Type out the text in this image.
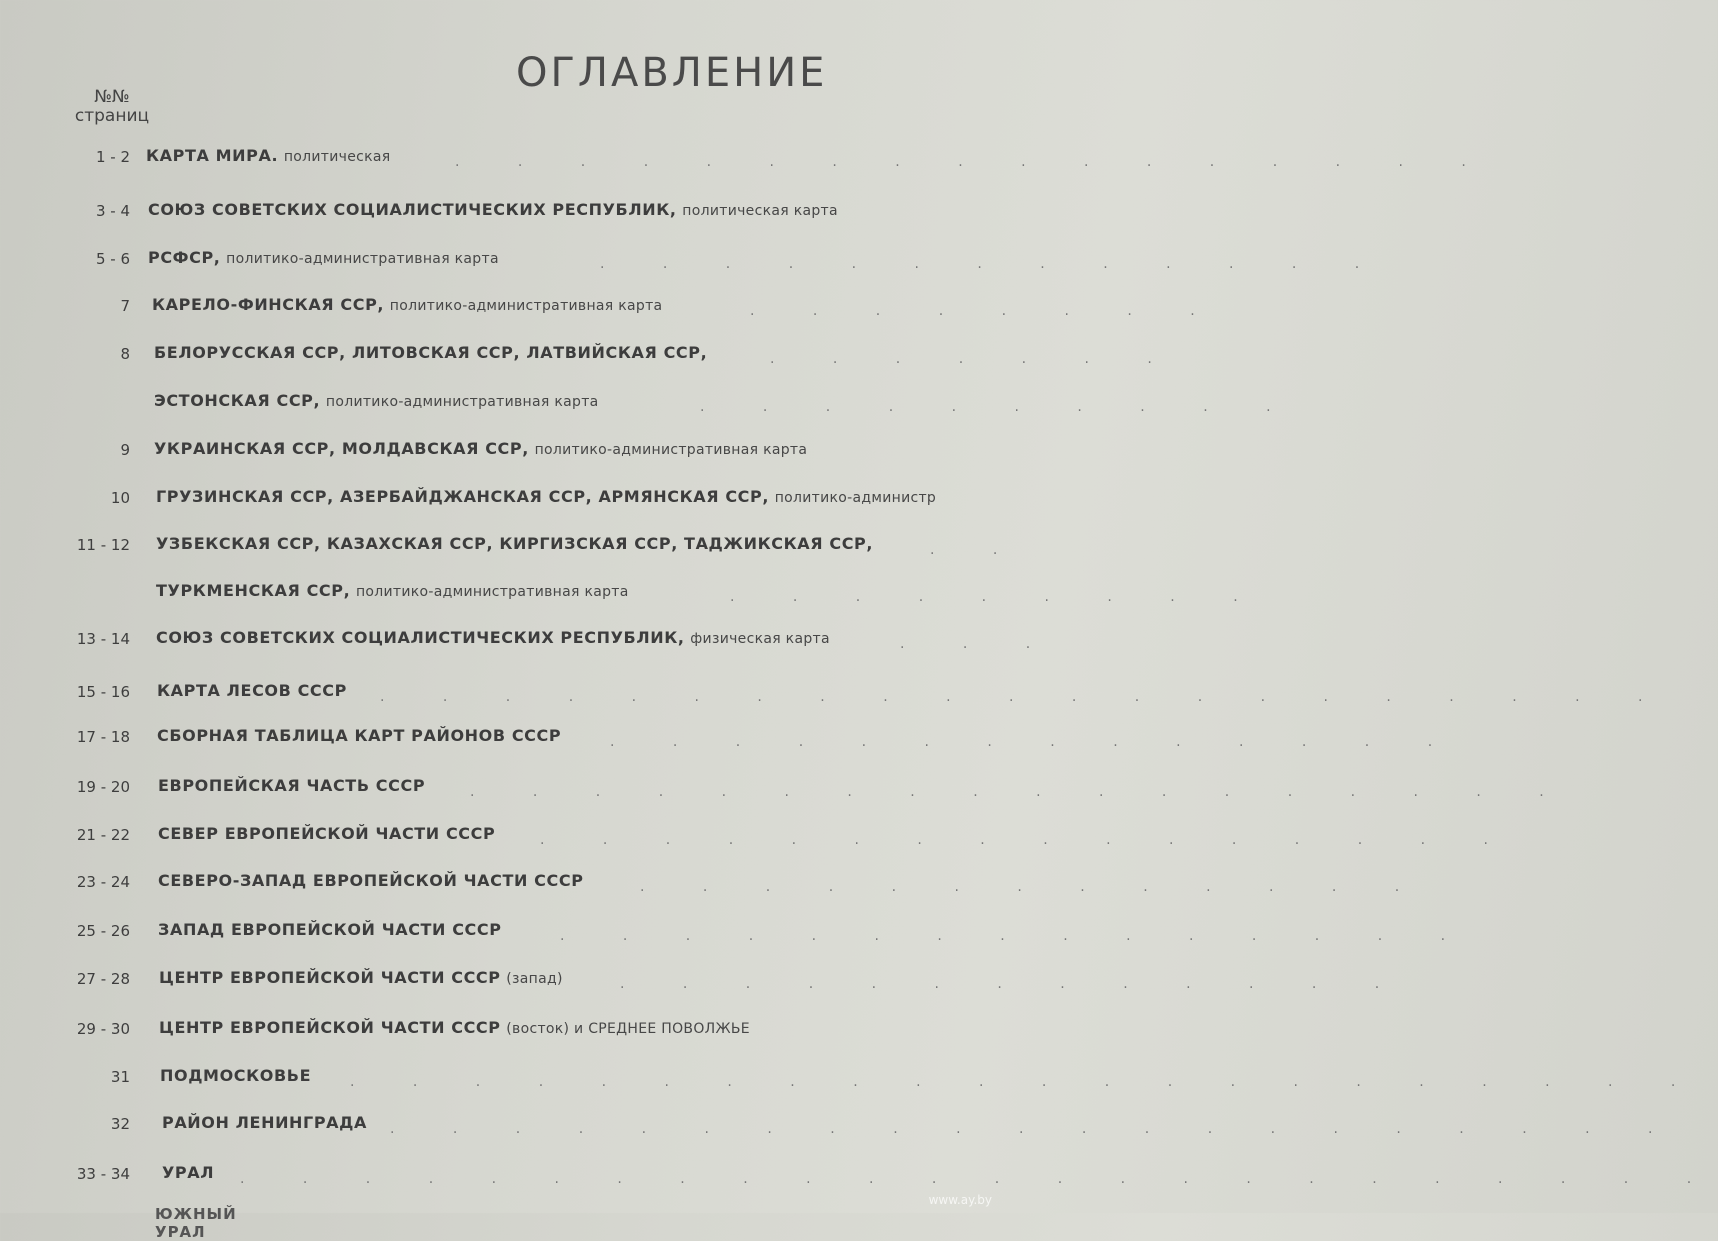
ОГЛАВЛЕНИЕ
№№
страниц
1 - 2 КАРТА МИРА. политическая	. . . . . . . . . . . . . . . . .
3 - 4 СОЮЗ СОВЕТСКИХ СОЦИАЛИСТИЧЕСКИХ РЕСПУБЛИК, политическая карта
5 - 6 РСФСР, политико-административная карта	. . . . . . . . . . . . .
7 КАРЕЛО-ФИНСКАЯ ССР, политико-административная карта	. . . . . . . .
8 БЕЛОРУССКАЯ ССР, ЛИТОВСКАЯ ССР, ЛАТВИЙСКАЯ ССР,	. . . . . . .
ЭСТОНСКАЯ ССР, политико-административная карта	. . . . . . . . . .
9 УКРАИНСКАЯ ССР, МОЛДАВСКАЯ ССР, политико-административная карта
10 ГРУЗИНСКАЯ ССР, АЗЕРБАЙДЖАНСКАЯ ССР, АРМЯНСКАЯ ССР, политико-администр
11 - 12 УЗБЕКСКАЯ ССР, КАЗАХСКАЯ ССР, КИРГИЗСКАЯ ССР, ТАДЖИКСКАЯ ССР,	. .
ТУРКМЕНСКАЯ ССР, политико-административная карта	. . . . . . . . .
13 - 14 СОЮЗ СОВЕТСКИХ СОЦИАЛИСТИЧЕСКИХ РЕСПУБЛИК, физическая карта	. . .
15 - 16 КАРТА ЛЕСОВ СССР . . . . . . . . . . . . . . . . . . . . .
17 - 18 СБОРНАЯ ТАБЛИЦА КАРТ РАЙОНОВ СССР	. . . . . . . . . . . . . .
19 - 20 ЕВРОПЕЙСКАЯ ЧАСТЬ СССР	. . . . . . . . . . . . . . . . . .
21 - 22 СЕВЕР ЕВРОПЕЙСКОЙ ЧАСТИ СССР	. . . . . . . . . . . . . . . .
23 - 24 СЕВЕРО-ЗАПАД ЕВРОПЕЙСКОЙ ЧАСТИ СССР	. . . . . . . . . . . . .
25 - 26 ЗАПАД ЕВРОПЕЙСКОЙ ЧАСТИ СССР	. . . . . . . . . . . . . . .
27 - 28 ЦЕНТР ЕВРОПЕЙСКОЙ ЧАСТИ СССР (запад)	. . . . . . . . . . . . .
29 - 30 ЦЕНТР ЕВРОПЕЙСКОЙ ЧАСТИ СССР (восток) и СРЕДНЕЕ ПОВОЛЖЬЕ
31 ПОДМОСКОВЬЕ	. . . . . . . . . . . . . . . . . . . . . .
32 РАЙОН ЛЕНИНГРАДА . . . . . . . . . . . . . . . . . . . . .
33 - 34 УРАЛ . . . . . . . . . . . . . . . . . . . . . . . .
ЮЖНЫЙ УРАЛ
www.ay.by
